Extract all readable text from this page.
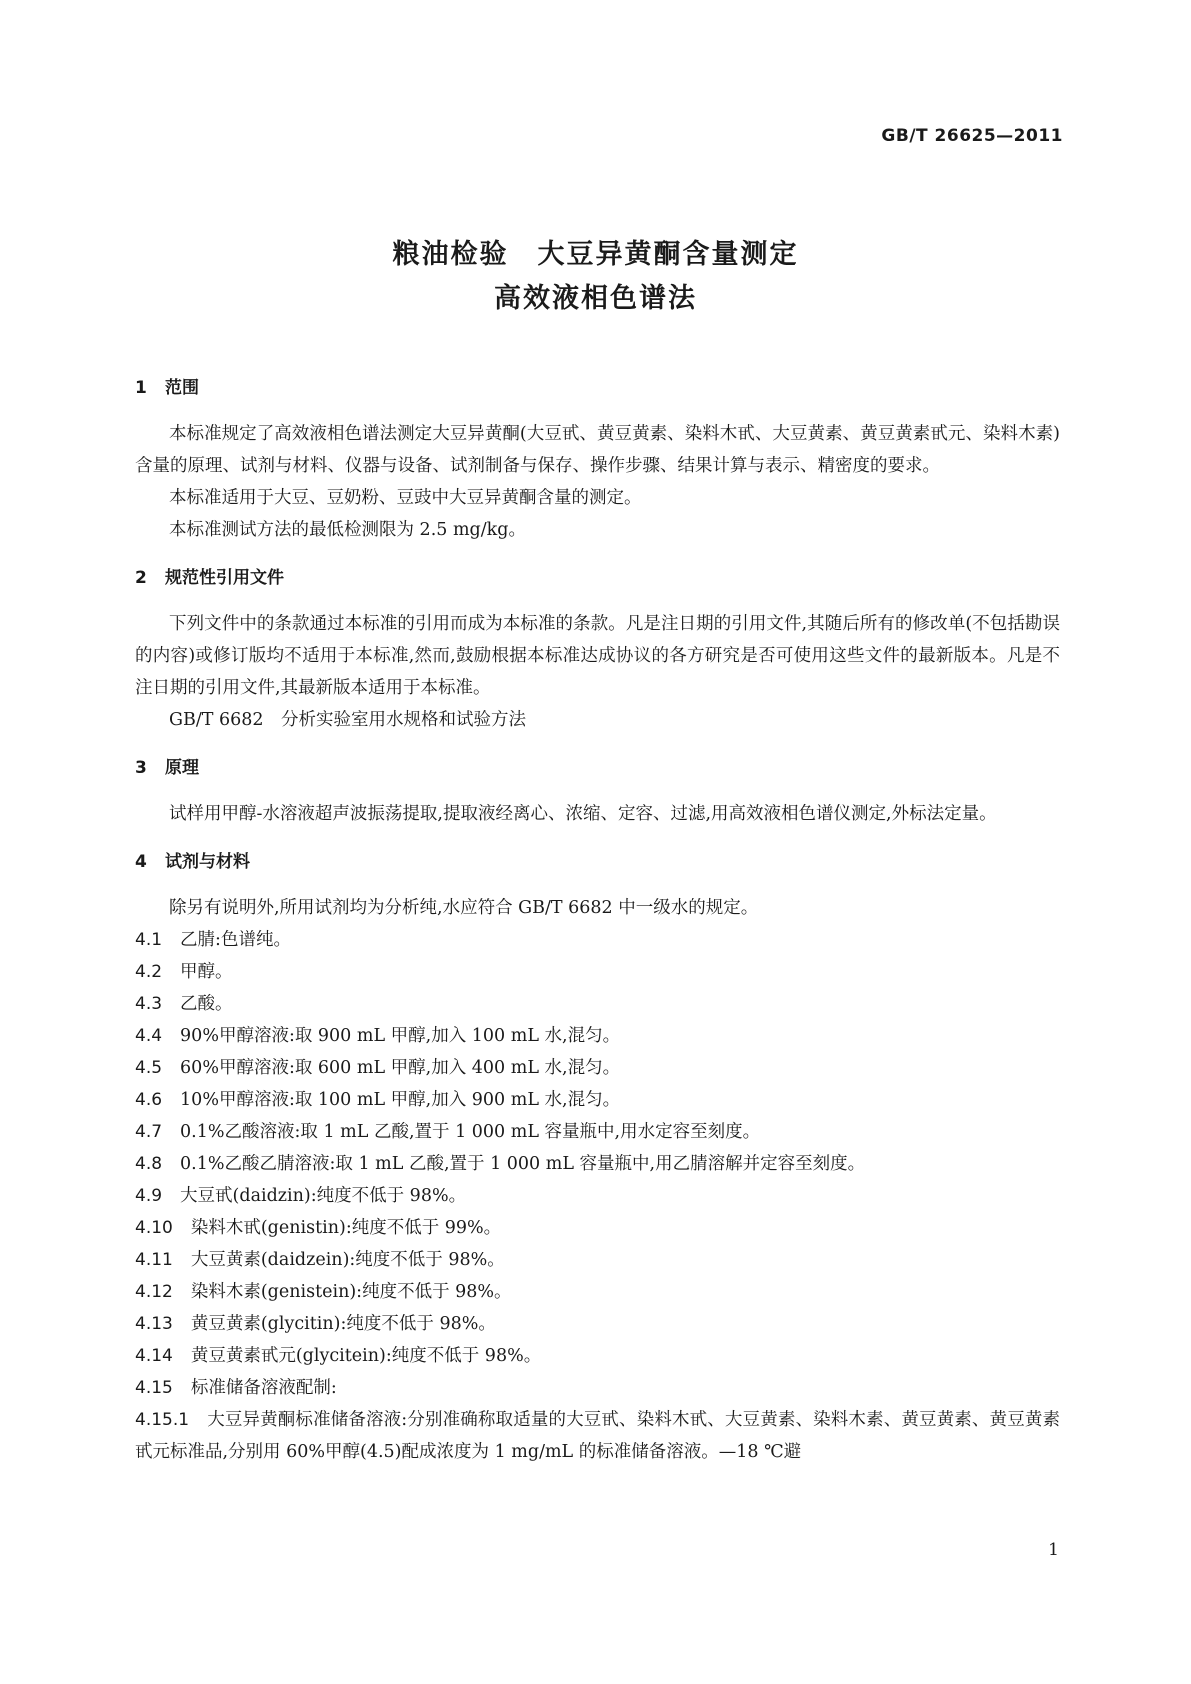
GB/T 26625—2011
粮油检验　大豆异黄酮含量测定
高效液相色谱法
1 范围
本标准规定了高效液相色谱法测定大豆异黄酮(大豆甙、黄豆黄素、染料木甙、大豆黄素、黄豆黄素甙元、染料木素)含量的原理、试剂与材料、仪器与设备、试剂制备与保存、操作步骤、结果计算与表示、精密度的要求。
本标准适用于大豆、豆奶粉、豆豉中大豆异黄酮含量的测定。
本标准测试方法的最低检测限为 2.5 mg/kg。
2 规范性引用文件
下列文件中的条款通过本标准的引用而成为本标准的条款。凡是注日期的引用文件,其随后所有的修改单(不包括勘误的内容)或修订版均不适用于本标准,然而,鼓励根据本标准达成协议的各方研究是否可使用这些文件的最新版本。凡是不注日期的引用文件,其最新版本适用于本标准。
GB/T 6682　分析实验室用水规格和试验方法
3 原理
试样用甲醇-水溶液超声波振荡提取,提取液经离心、浓缩、定容、过滤,用高效液相色谱仪测定,外标法定量。
4 试剂与材料
除另有说明外,所用试剂均为分析纯,水应符合 GB/T 6682 中一级水的规定。
4.1 乙腈:色谱纯。
4.2 甲醇。
4.3 乙酸。
4.4 90%甲醇溶液:取 900 mL 甲醇,加入 100 mL 水,混匀。
4.5 60%甲醇溶液:取 600 mL 甲醇,加入 400 mL 水,混匀。
4.6 10%甲醇溶液:取 100 mL 甲醇,加入 900 mL 水,混匀。
4.7 0.1%乙酸溶液:取 1 mL 乙酸,置于 1 000 mL 容量瓶中,用水定容至刻度。
4.8 0.1%乙酸乙腈溶液:取 1 mL 乙酸,置于 1 000 mL 容量瓶中,用乙腈溶解并定容至刻度。
4.9 大豆甙(daidzin):纯度不低于 98%。
4.10 染料木甙(genistin):纯度不低于 99%。
4.11 大豆黄素(daidzein):纯度不低于 98%。
4.12 染料木素(genistein):纯度不低于 98%。
4.13 黄豆黄素(glycitin):纯度不低于 98%。
4.14 黄豆黄素甙元(glycitein):纯度不低于 98%。
4.15 标准储备溶液配制:
4.15.1 大豆异黄酮标准储备溶液:分别准确称取适量的大豆甙、染料木甙、大豆黄素、染料木素、黄豆黄素、黄豆黄素甙元标准品,分别用 60%甲醇(4.5)配成浓度为 1 mg/mL 的标准储备溶液。—18 ℃避
1
